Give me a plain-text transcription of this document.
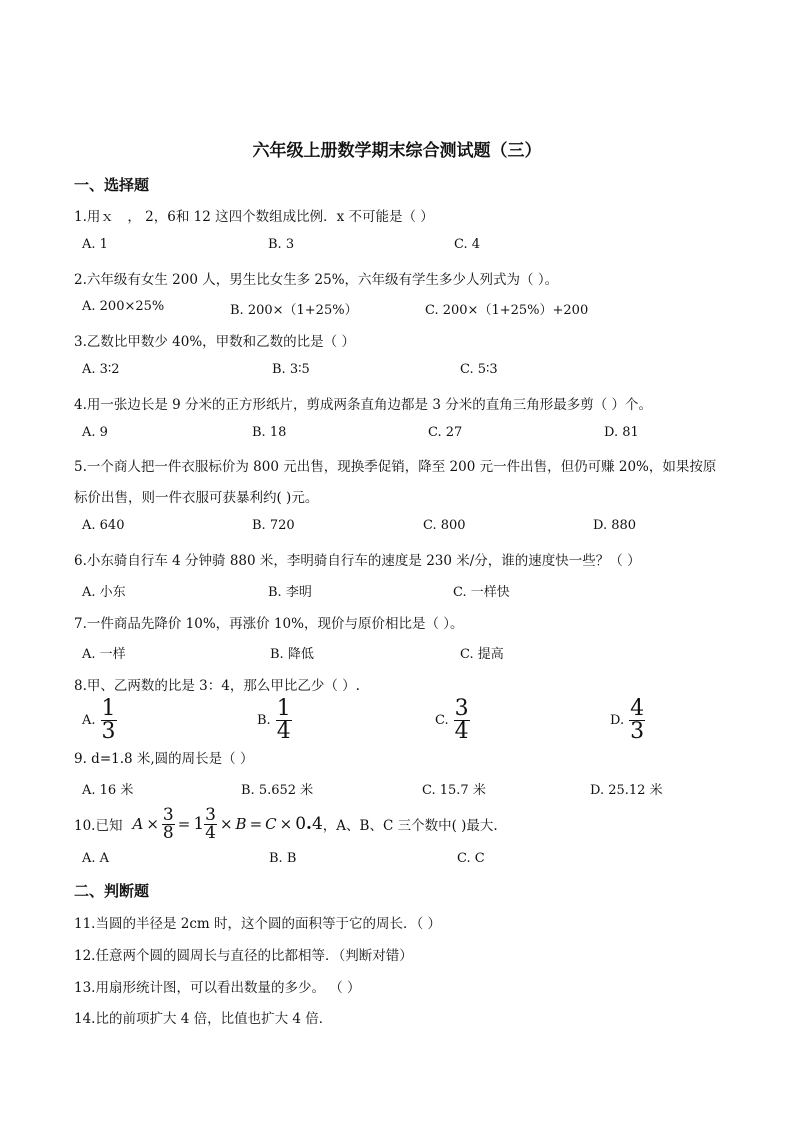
六年级上册数学期末综合测试题（三）
一、选择题
1.用ｘ　， 2，6和 12 这四个数组成比例．x 不可能是（ ）
A. 1	B. 3	C. 4
2.六年级有女生 200 人，男生比女生多 25%，六年级有学生多少人列式为（ ）。
A. 200×25%	B. 200×（1+25%）	C. 200×（1+25%）+200
3.乙数比甲数少 40%，甲数和乙数的比是（ ）
A. 3∶2	B. 3∶5	C. 5∶3
4.用一张边长是 9 分米的正方形纸片，剪成两条直角边都是 3 分米的直角三角形最多剪（ ）个。
A. 9	B. 18	C. 27	D. 81
5.一个商人把一件衣服标价为 800 元出售，现换季促销，降至 200 元一件出售，但仍可赚 20%，如果按原
标价出售，则一件衣服可获暴利约( )元。
A. 640	B. 720	C. 800	D. 880
6.小东骑自行车 4 分钟骑 880 米，李明骑自行车的速度是 230 米/分，谁的速度快一些？（ ）
A. 小东	B. 李明	C. 一样快
7.一件商品先降价 10%，再涨价 10%，现价与原价相比是（ ）。
A. 一样	B. 降低	C. 提高
8.甲、乙两数的比是 3：4，那么甲比乙少（ ）.
A. $\frac{1}{3}$	B. $\frac{1}{4}$	C. $\frac{3}{4}$	D. $\frac{4}{3}$
9. d=1.8 米,圆的周长是（ ）
A. 16 米	B. 5.652 米	C. 15.7 米	D. 25.12 米
10.已知 $A \times \frac{3}{8} = 1 \frac{3}{4} \times B = C \times 0$ . 4 ，A、B、C 三个数中( )最大.
A. A	B. B	C. C
二、判断题
11.当圆的半径是 2cm 时，这个圆的面积等于它的周长．（ ）
12.任意两个圆的圆周长与直径的比都相等．（判断对错）
13.用扇形统计图，可以看出数量的多少。 （ ）
14.比的前项扩大 4 倍，比值也扩大 4 倍．
